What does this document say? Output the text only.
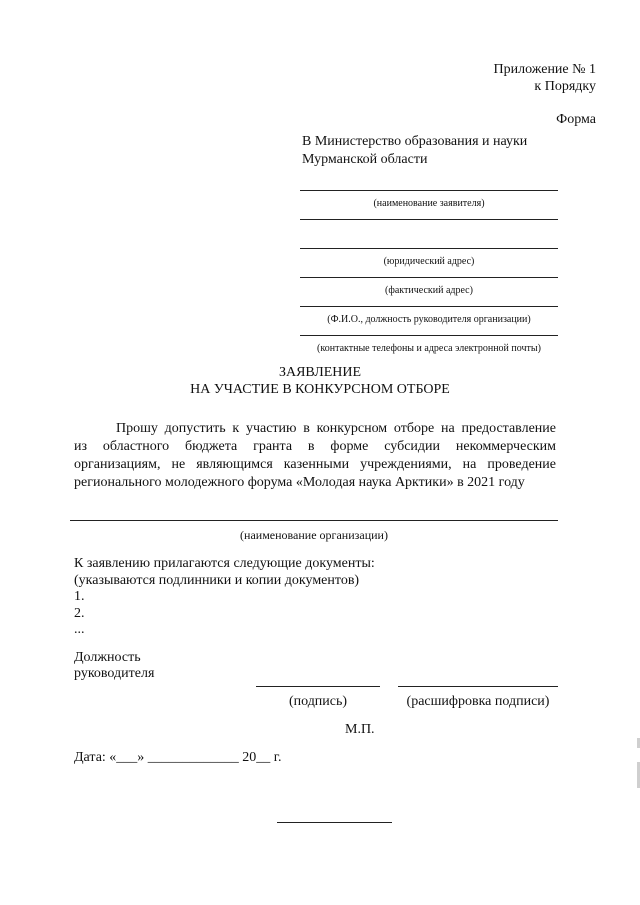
Приложение № 1
к Порядку
Форма
В Министерство образования и науки
Мурманской области
(наименование заявителя)
(юридический адрес)
(фактический адрес)
(Ф.И.О., должность руководителя организации)
(контактные телефоны и адреса электронной почты)
ЗАЯВЛЕНИЕ
НА УЧАСТИЕ В КОНКУРСНОМ ОТБОРЕ
Прошу допустить к участию в конкурсном отборе на предоставление
из областного бюджета гранта в форме субсидии некоммерческим
организациям, не являющимся казенными учреждениями, на проведение
регионального молодежного форума «Молодая наука Арктики» в 2021 году
(наименование организации)
К заявлению прилагаются следующие документы:
(указываются подлинники и копии документов)
1.
2.
...
Должность
руководителя
(подпись)	(расшифровка подписи)
М.П.
Дата: «___» _____________ 20__ г.
